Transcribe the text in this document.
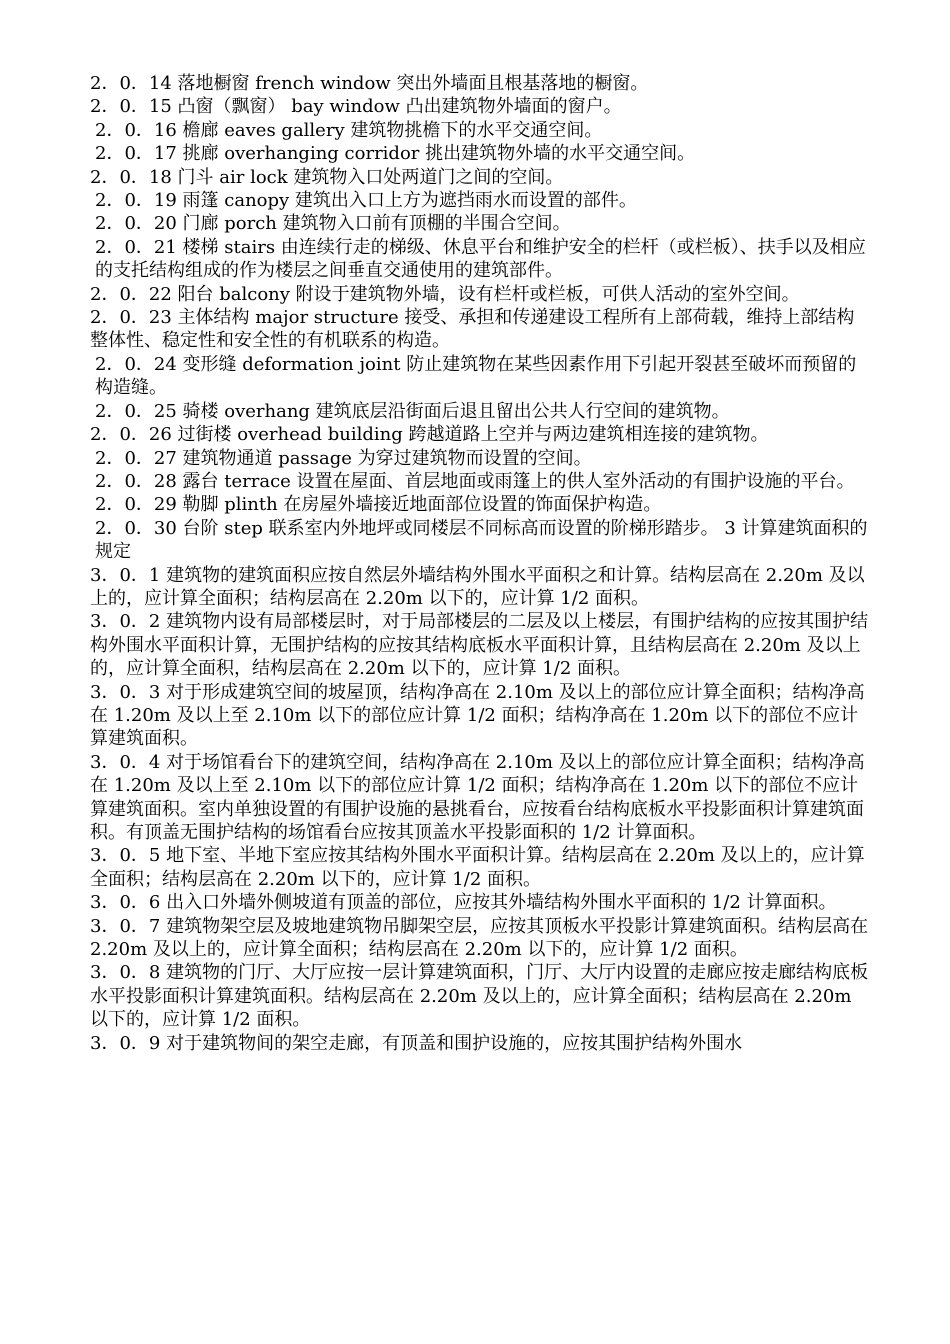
2．0．14 落地橱窗 french window 突出外墙面且根基落地的橱窗。

2．0．15 凸窗（飘窗） bay window 凸出建筑物外墙面的窗户。

2．0．16 檐廊 eaves gallery 建筑物挑檐下的水平交通空间。

2．0．17 挑廊 overhanging corridor 挑出建筑物外墙的水平交通空间。

2．0．18 门斗 air lock 建筑物入口处两道门之间的空间。

2．0．19 雨篷 canopy 建筑出入口上方为遮挡雨水而设置的部件。

2．0．20 门廊 porch 建筑物入口前有顶棚的半围合空间。

2．0．21 楼梯 stairs 由连续行走的梯级、休息平台和维护安全的栏杆（或栏板）、扶手以及相应的支托结构组成的作为楼层之间垂直交通使用的建筑部件。

2．0．22 阳台 balcony 附设于建筑物外墙，设有栏杆或栏板，可供人活动的室外空间。

2．0．23 主体结构 major structure 接受、承担和传递建设工程所有上部荷载，维持上部结构整体性、稳定性和安全性的有机联系的构造。

2．0．24 变形缝 deformation joint 防止建筑物在某些因素作用下引起开裂甚至破坏而预留的构造缝。

2．0．25 骑楼 overhang 建筑底层沿街面后退且留出公共人行空间的建筑物。

2．0．26 过街楼 overhead building 跨越道路上空并与两边建筑相连接的建筑物。

2．0．27 建筑物通道 passage 为穿过建筑物而设置的空间。

2．0．28 露台 terrace 设置在屋面、首层地面或雨篷上的供人室外活动的有围护设施的平台。

2．0．29 勒脚 plinth 在房屋外墙接近地面部位设置的饰面保护构造。

2．0．30 台阶 step 联系室内外地坪或同楼层不同标高而设置的阶梯形踏步。 3 计算建筑面积的规定

3．0．1 建筑物的建筑面积应按自然层外墙结构外围水平面积之和计算。结构层高在 2.20m 及以上的，应计算全面积；结构层高在 2.20m 以下的，应计算 1/2 面积。

3．0．2 建筑物内设有局部楼层时，对于局部楼层的二层及以上楼层，有围护结构的应按其围护结构外围水平面积计算，无围护结构的应按其结构底板水平面积计算，且结构层高在 2.20m 及以上的，应计算全面积，结构层高在 2.20m 以下的，应计算 1/2 面积。

3．0．3 对于形成建筑空间的坡屋顶，结构净高在 2.10m 及以上的部位应计算全面积；结构净高在 1.20m 及以上至 2.10m 以下的部位应计算 1/2 面积；结构净高在 1.20m 以下的部位不应计算建筑面积。

3．0．4 对于场馆看台下的建筑空间，结构净高在 2.10m 及以上的部位应计算全面积；结构净高在 1.20m 及以上至 2.10m 以下的部位应计算 1/2 面积；结构净高在 1.20m 以下的部位不应计算建筑面积。室内单独设置的有围护设施的悬挑看台，应按看台结构底板水平投影面积计算建筑面积。有顶盖无围护结构的场馆看台应按其顶盖水平投影面积的 1/2 计算面积。

3．0．5 地下室、半地下室应按其结构外围水平面积计算。结构层高在 2.20m 及以上的，应计算全面积；结构层高在 2.20m 以下的，应计算 1/2 面积。

3．0．6 出入口外墙外侧坡道有顶盖的部位，应按其外墙结构外围水平面积的 1/2 计算面积。

3．0．7 建筑物架空层及坡地建筑物吊脚架空层，应按其顶板水平投影计算建筑面积。结构层高在 2.20m 及以上的，应计算全面积；结构层高在 2.20m 以下的，应计算 1/2 面积。

3．0．8 建筑物的门厅、大厅应按一层计算建筑面积，门厅、大厅内设置的走廊应按走廊结构底板水平投影面积计算建筑面积。结构层高在 2.20m 及以上的，应计算全面积；结构层高在 2.20m 以下的，应计算 1/2 面积。

3．0．9 对于建筑物间的架空走廊，有顶盖和围护设施的，应按其围护结构外围水
